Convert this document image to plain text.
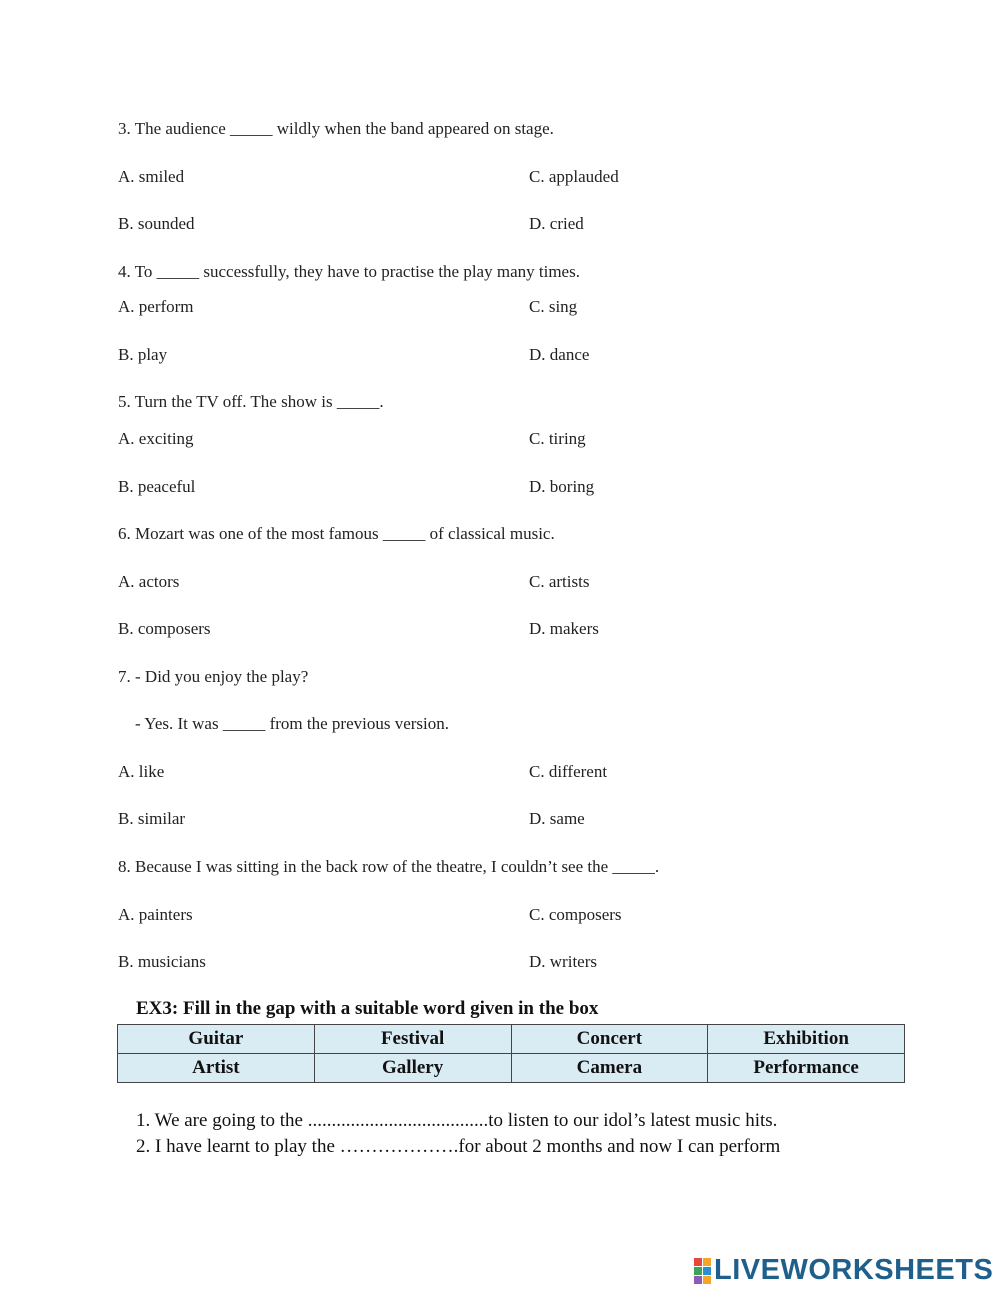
3. The audience _____ wildly when the band appeared on stage.
A. smiled	C. applauded
B. sounded	D. cried
4. To _____ successfully, they have to practise the play many times.
A. perform	C. sing
B. play	D. dance
5. Turn the TV off. The show is _____.
A. exciting	C. tiring
B. peaceful	D. boring
6. Mozart was one of the most famous _____ of classical music.
A. actors	C. artists
B. composers	D. makers
7. - Did you enjoy the play?
- Yes. It was _____ from the previous version.
A. like	C. different
B. similar	D. same
8. Because I was sitting in the back row of the theatre, I couldn’t see the _____.
A. painters	C. composers
B. musicians	D. writers
EX3: Fill in the gap with a suitable word given in the box
Guitar	Festival	Concert	Exhibition
Artist	Gallery	Camera	Performance
1. We are going to the ......................................to listen to our idol’s latest music hits.
2. I have learnt to play the ……………….for about 2 months and now I can perform
LIVEWORKSHEETS
